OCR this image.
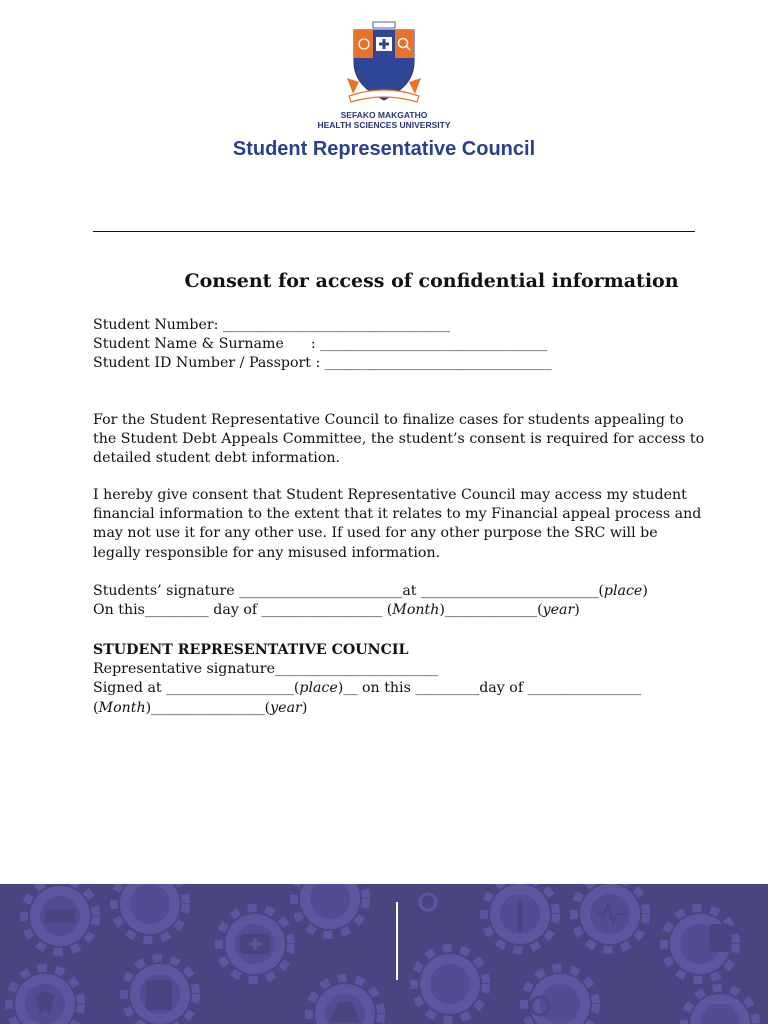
SEFAKO MAKGATHO
HEALTH SCIENCES UNIVERSITY
Student Representative Council
Consent for access of confidential information
Student Number: ________________________________
Student Name & Surname      : ________________________________
Student ID Number / Passport : ________________________________

For the Student Representative Council to finalize cases for students appealing to the Student Debt Appeals Committee, the student’s consent is required for access to detailed student debt information.

I hereby give consent that Student Representative Council may access my student financial information to the extent that it relates to my Financial appeal process and may not use it for any other use. If used for any other purpose the SRC will be legally responsible for any misused information.

Students’ signature _______________________at _________________________(place)
On this_________ day of _________________ (Month)_____________(year)
STUDENT REPRESENTATIVE COUNCIL
Representative signature_______________________
Signed at __________________(place)__ on this _________day of ________________
(Month)________________(year)
